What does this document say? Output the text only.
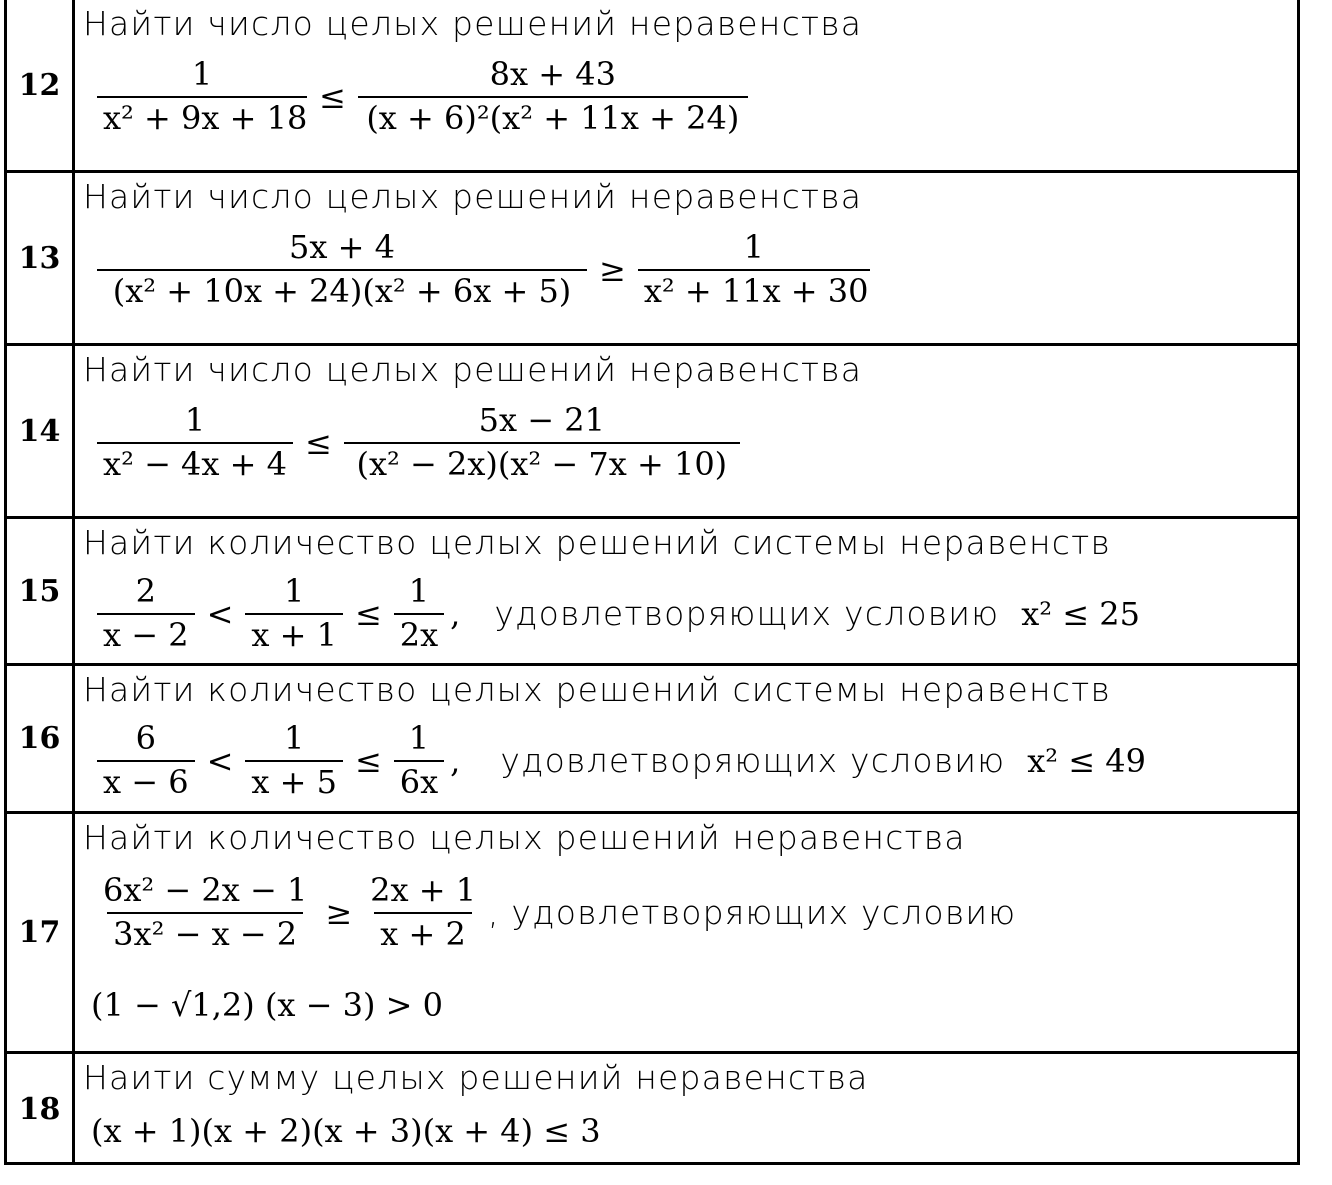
12
Найти число целых решений неравенства
$\frac{1}{\text{x² + 9x + 18}} \le \frac{8x + 43}{\text{(x + 6)²(x² + 11x + 24)}}$
13
Найти число целых решений неравенства
$\frac{5x + 4}{\text{(x² + 10x + 24)(x² + 6x + 5)}} \ge \frac{1}{\text{x² + 11x + 30}}$
14
Найти число целых решений неравенства
$\frac{1}{\text{x² − 4x + 4}} \le \frac{5x - 21}{\text{(x² − 2x)(x² − 7x + 10)}}$
15
Найти количество целых решений системы неравенств
$\frac{2}{x - 2} < \frac{1}{x + 1} \le \frac{1}{2x}$ , удовлетворяющих условию x² ≤ 25
16
Найти количество целых решений системы неравенств
$\frac{6}{x - 6} < \frac{1}{x + 5} \le \frac{1}{6x}$ , удовлетворяющих условию x² ≤ 49
17
Найти количество целых решений неравенства
$\frac{\text{6x² − 2x − 1}}{\text{3x² − x − 2}} \ge \frac{2x + 1}{x + 2}$ , удовлетворяющих условию
(1 − √1,2) (x − 3) > 0
18
Наити сумму целых решений неравенства
(x + 1)(x + 2)(x + 3)(x + 4) ≤ 3
